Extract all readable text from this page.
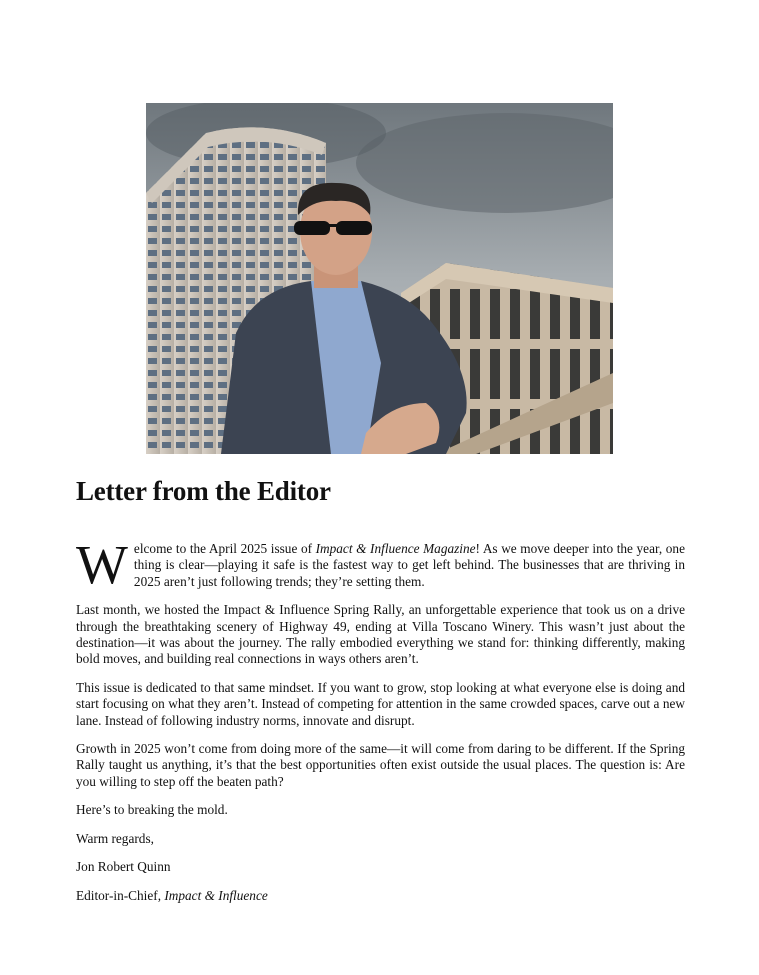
Letter from the Editor

Welcome to the April 2025 issue of Impact & Influence Magazine! As we move deeper into the year, one thing is clear—playing it safe is the fastest way to get left behind. The businesses that are thriving in 2025 aren’t just following trends; they’re setting them.

Last month, we hosted the Impact & Influence Spring Rally, an unforgettable experience that took us on a drive through the breathtaking scenery of Highway 49, ending at Villa Toscano Winery. This wasn’t just about the destination—it was about the journey. The rally embodied everything we stand for: thinking differently, making bold moves, and building real connections in ways others aren’t.

This issue is dedicated to that same mindset. If you want to grow, stop looking at what everyone else is doing and start focusing on what they aren’t. Instead of competing for attention in the same crowded spaces, carve out a new lane. Instead of following industry norms, innovate and disrupt.

Growth in 2025 won’t come from doing more of the same—it will come from daring to be different. If the Spring Rally taught us anything, it’s that the best opportunities often exist outside the usual places. The question is: Are you willing to step off the beaten path?

Here’s to breaking the mold.

Warm regards,

Jon Robert Quinn

Editor-in-Chief, Impact & Influence
